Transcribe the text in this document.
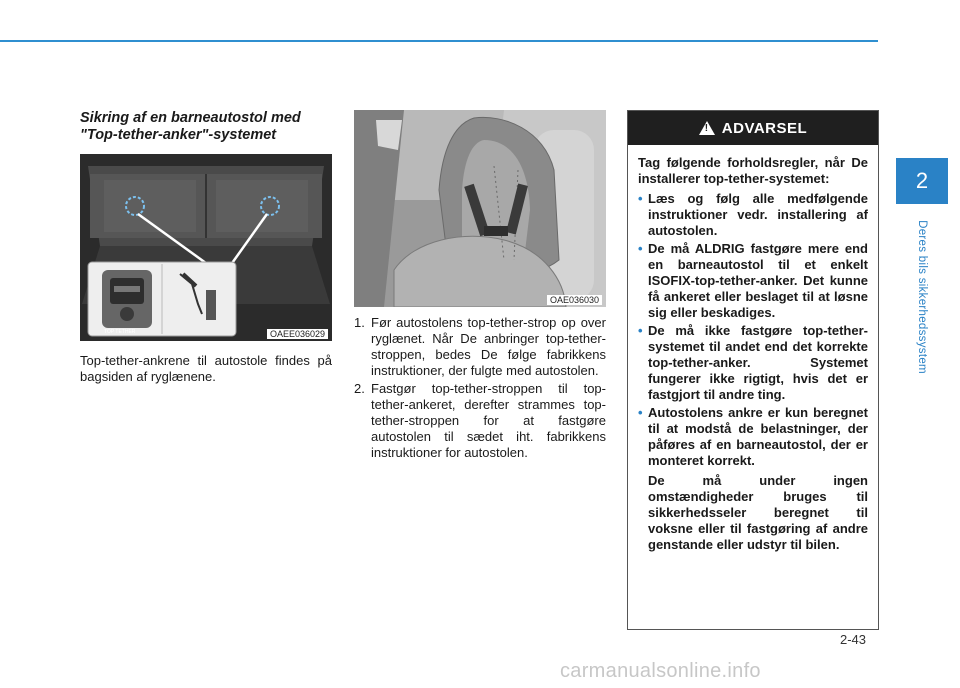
2
Deres bils sikkerhedssystem
Sikring af en barneautostol med "Top-tether-anker"-systemet
OAEE036029
TOP TETHER

Top-tether-ankrene til autostole findes på bagsiden af ryglænene.

OAE036030
1. Før autostolens top-tether-strop op over ryglænet. Når De anbringer top-tether-stroppen, bedes De følge fabrikkens instruktioner, der fulgte med autostolen.
2. Fastgør top-tether-stroppen til top-tether-ankeret, derefter strammes top-tether-stroppen for at fastgøre autostolen til sædet iht. fabrikkens instruktioner for autostolen.
!
ADVARSEL

Tag følgende forholdsregler, når De installerer top-tether-systemet:

• Læs og følg alle medfølgende instruktioner vedr. installering af autostolen.
• De må ALDRIG fastgøre mere end en barneautostol til et enkelt ISOFIX-top-tether-anker. Det kunne få ankeret eller beslaget til at løsne sig eller beskadiges.
• De må ikke fastgøre top-tether-systemet til andet end det korrekte top-tether-anker. Systemet fungerer ikke rigtigt, hvis det er fastgjort til andre ting.
• Autostolens ankre er kun beregnet til at modstå de belastninger, der påføres af en barneautostol, der er monteret korrekt.

De må under ingen omstændigheder bruges til sikkerhedsseler beregnet til voksne eller til fastgøring af andre genstande eller udstyr til bilen.

2-43
carmanualsonline.info
